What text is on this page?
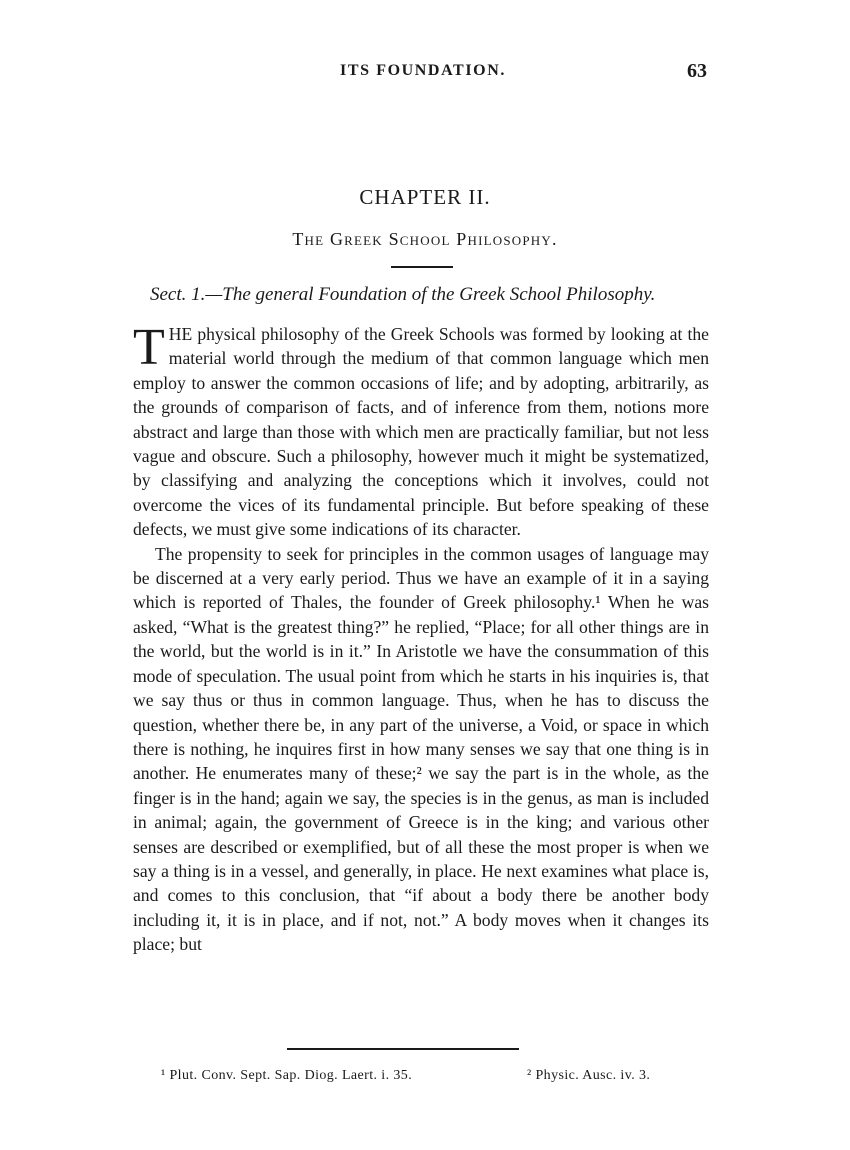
ITS FOUNDATION.	63
CHAPTER II.
The Greek School Philosophy.
Sect. 1.—The general Foundation of the Greek School Philosophy.

THE physical philosophy of the Greek Schools was formed by looking at the material world through the medium of that common language which men employ to answer the common occasions of life; and by adopting, arbitrarily, as the grounds of comparison of facts, and of inference from them, notions more abstract and large than those with which men are practically familiar, but not less vague and obscure. Such a philosophy, however much it might be systematized, by classifying and analyzing the conceptions which it involves, could not overcome the vices of its fundamental principle. But before speaking of these defects, we must give some indications of its character.

The propensity to seek for principles in the common usages of language may be discerned at a very early period. Thus we have an example of it in a saying which is reported of Thales, the founder of Greek philosophy.¹ When he was asked, “What is the greatest thing?” he replied, “Place; for all other things are in the world, but the world is in it.” In Aristotle we have the consummation of this mode of speculation. The usual point from which he starts in his inquiries is, that we say thus or thus in common language. Thus, when he has to discuss the question, whether there be, in any part of the universe, a Void, or space in which there is nothing, he inquires first in how many senses we say that one thing is in another. He enumerates many of these;² we say the part is in the whole, as the finger is in the hand; again we say, the species is in the genus, as man is included in animal; again, the government of Greece is in the king; and various other senses are described or exemplified, but of all these the most proper is when we say a thing is in a vessel, and generally, in place. He next examines what place is, and comes to this conclusion, that “if about a body there be another body including it, it is in place, and if not, not.” A body moves when it changes its place; but

¹ Plut. Conv. Sept. Sap. Diog. Laert. i. 35.	² Physic. Ausc. iv. 3.
